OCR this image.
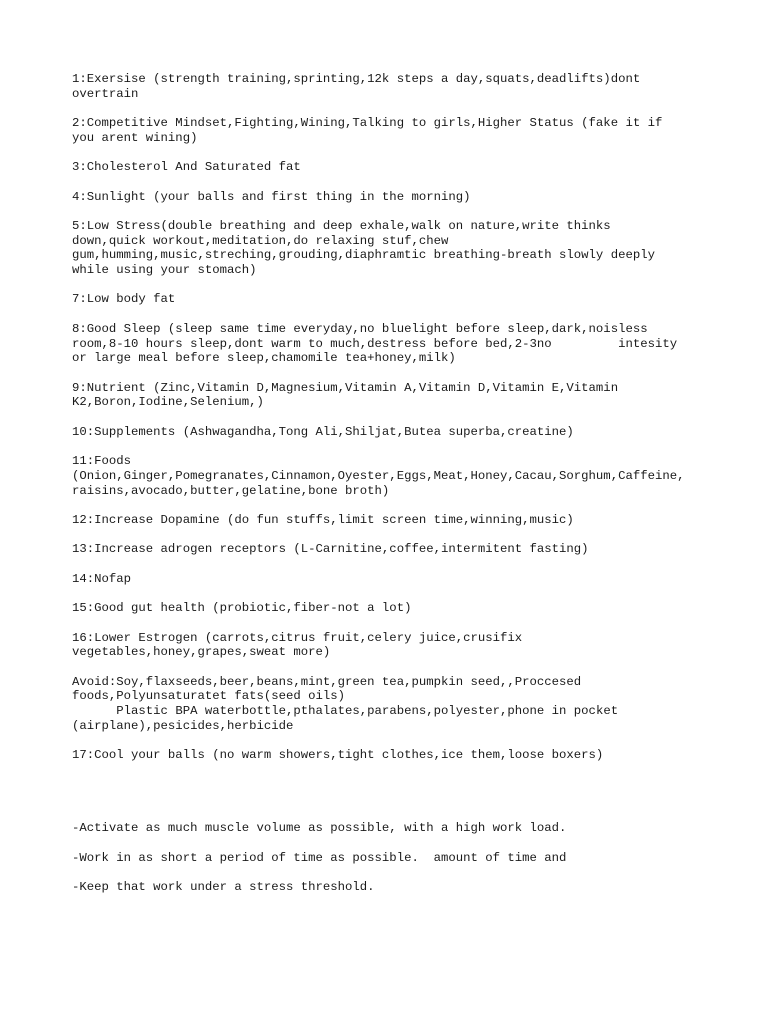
1:Exersise (strength training,sprinting,12k steps a day,squats,deadlifts)dont
overtrain

2:Competitive Mindset,Fighting,Wining,Talking to girls,Higher Status (fake it if
you arent wining)

3:Cholesterol And Saturated fat

4:Sunlight (your balls and first thing in the morning)

5:Low Stress(double breathing and deep exhale,walk on nature,write thinks
down,quick workout,meditation,do relaxing stuf,chew
gum,humming,music,streching,grouding,diaphramtic breathing-breath slowly deeply
while using your stomach)

7:Low body fat

8:Good Sleep (sleep same time everyday,no bluelight before sleep,dark,noisless
room,8-10 hours sleep,dont warm to much,destress before bed,2-3no         intesity
or large meal before sleep,chamomile tea+honey,milk)

9:Nutrient (Zinc,Vitamin D,Magnesium,Vitamin A,Vitamin D,Vitamin E,Vitamin
K2,Boron,Iodine,Selenium,)

10:Supplements (Ashwagandha,Tong Ali,Shiljat,Butea superba,creatine)

11:Foods
(Onion,Ginger,Pomegranates,Cinnamon,Oyester,Eggs,Meat,Honey,Cacau,Sorghum,Caffeine,
raisins,avocado,butter,gelatine,bone broth)

12:Increase Dopamine (do fun stuffs,limit screen time,winning,music)

13:Increase adrogen receptors (L-Carnitine,coffee,intermitent fasting)

14:Nofap

15:Good gut health (probiotic,fiber-not a lot)

16:Lower Estrogen (carrots,citrus fruit,celery juice,crusifix
vegetables,honey,grapes,sweat more)

Avoid:Soy,flaxseeds,beer,beans,mint,green tea,pumpkin seed,,Proccesed
foods,Polyunsaturatet fats(seed oils)
Plastic BPA waterbottle,pthalates,parabens,polyester,phone in pocket
(airplane),pesicides,herbicide

17:Cool your balls (no warm showers,tight clothes,ice them,loose boxers)

-Activate as much muscle volume as possible, with a high work load.

-Work in as short a period of time as possible.  amount of time and

-Keep that work under a stress threshold.
